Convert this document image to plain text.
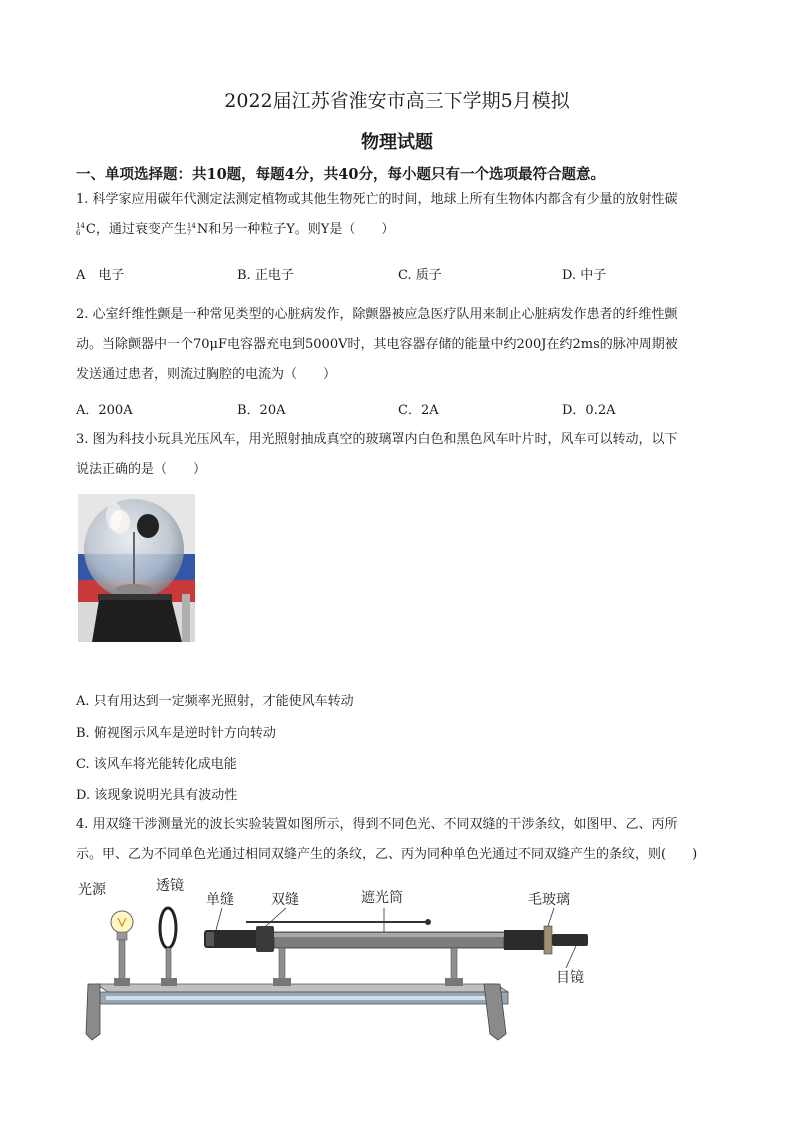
2022届江苏省淮安市高三下学期5月模拟
物理试题
一、单项选择题：共10题，每题4分，共40分，每小题只有一个选项最符合题意。
1. 科学家应用碳年代测定法测定植物或其他生物死亡的时间，地球上所有生物体内都含有少量的放射性碳
14
6 C，通过衰变产生 14
7 N和另一种粒子Y。则Y是（　　）
A　电子	B. 正电子	C. 质子	D. 中子
2. 心室纤维性颤是一种常见类型的心脏病发作，除颤器被应急医疗队用来制止心脏病发作患者的纤维性颤
动。当除颤器中一个70μF电容器充电到5000V时，其电容器存储的能量中约200J在约2ms的脉冲周期被
发送通过患者，则流过胸腔的电流为（　　）
A．200A	B．20A	C．2A	D．0.2A
3. 图为科技小玩具光压风车，用光照射抽成真空的玻璃罩内白色和黑色风车叶片时，风车可以转动，以下
说法正确的是（　　）
A. 只有用达到一定频率光照射，才能使风车转动
B. 俯视图示风车是逆时针方向转动
C. 该风车将光能转化成电能
D. 该现象说明光具有波动性
4. 用双缝干涉测量光的波长实验装置如图所示，得到不同色光、不同双缝的干涉条纹，如图甲、乙、丙所
示。甲、乙为不同单色光通过相同双缝产生的条纹，乙、丙为同种单色光通过不同双缝产生的条纹，则(　　)
光源	透镜
单缝	双缝	遮光筒	毛玻璃
目镜
